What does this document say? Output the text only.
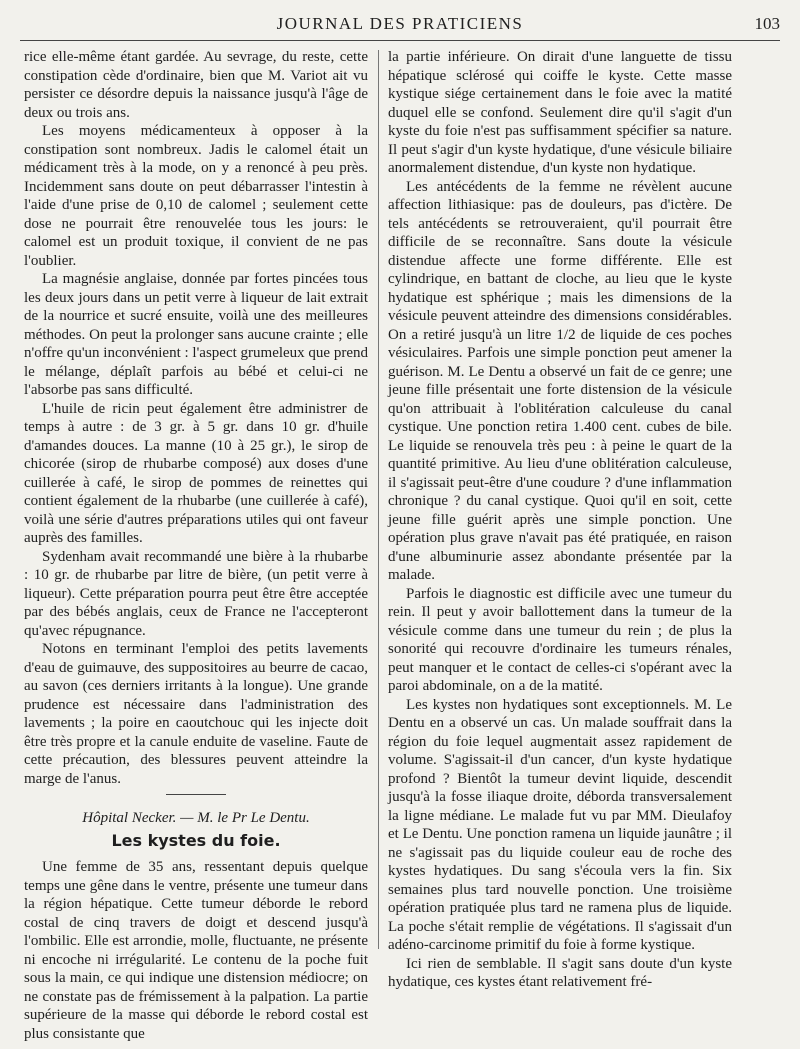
JOURNAL DES PRATICIENS	103

rice elle-même étant gardée. Au sevrage, du reste, cette constipation cède d'ordinaire, bien que M. Variot ait vu persister ce désordre depuis la naissance jusqu'à l'âge de deux ou trois ans.

Les moyens médicamenteux à opposer à la constipation sont nombreux. Jadis le calomel était un médicament très à la mode, on y a renoncé à peu près. Incidemment sans doute on peut débarrasser l'intestin à l'aide d'une prise de 0,10 de calomel ; seulement cette dose ne pourrait être renouvelée tous les jours: le calomel est un produit toxique, il convient de ne pas l'oublier.

La magnésie anglaise, donnée par fortes pincées tous les deux jours dans un petit verre à liqueur de lait extrait de la nourrice et sucré ensuite, voilà une des meilleures méthodes. On peut la prolonger sans aucune crainte ; elle n'offre qu'un inconvénient : l'aspect grumeleux que prend le mélange, déplaît parfois au bébé et celui-ci ne l'absorbe pas sans difficulté.

L'huile de ricin peut également être administrer de temps à autre : de 3 gr. à 5 gr. dans 10 gr. d'huile d'amandes douces. La manne (10 à 25 gr.), le sirop de chicorée (sirop de rhubarbe composé) aux doses d'une cuillerée à café, le sirop de pommes de reinettes qui contient également de la rhubarbe (une cuillerée à café), voilà une série d'autres préparations utiles qui ont faveur auprès des familles.

Sydenham avait recommandé une bière à la rhubarbe : 10 gr. de rhubarbe par litre de bière, (un petit verre à liqueur). Cette préparation pourra peut être être acceptée par des bébés anglais, ceux de France ne l'accepteront qu'avec répugnance.

Notons en terminant l'emploi des petits lavements d'eau de guimauve, des suppositoires au beurre de cacao, au savon (ces derniers irritants à la longue). Une grande prudence est nécessaire dans l'administration des lavements ; la poire en caoutchouc qui les injecte doit être très propre et la canule enduite de vaseline. Faute de cette précaution, des blessures peuvent atteindre la marge de l'anus.

Hôpital Necker. — M. le Pr Le Dentu.

Les kystes du foie.

Une femme de 35 ans, ressentant depuis quelque temps une gêne dans le ventre, présente une tumeur dans la région hépatique. Cette tumeur déborde le rebord costal de cinq travers de doigt et descend jusqu'à l'ombilic. Elle est arrondie, molle, fluctuante, ne présente ni encoche ni irrégularité. Le contenu de la poche fuit sous la main, ce qui indique une distension médiocre; on ne constate pas de frémissement à la palpation. La partie supérieure de la masse qui déborde le rebord costal est plus consistante que

la partie inférieure. On dirait d'une languette de tissu hépatique sclérosé qui coiffe le kyste. Cette masse kystique siége certainement dans le foie avec la matité duquel elle se confond. Seulement dire qu'il s'agit d'un kyste du foie n'est pas suffisamment spécifier sa nature. Il peut s'agir d'un kyste hydatique, d'une vésicule biliaire anormalement distendue, d'un kyste non hydatique.

Les antécédents de la femme ne révèlent aucune affection lithiasique: pas de douleurs, pas d'ictère. De tels antécédents se retrouveraient, qu'il pourrait être difficile de se reconnaître. Sans doute la vésicule distendue affecte une forme différente. Elle est cylindrique, en battant de cloche, au lieu que le kyste hydatique est sphérique ; mais les dimensions de la vésicule peuvent atteindre des dimensions considérables. On a retiré jusqu'à un litre 1/2 de liquide de ces poches vésiculaires. Parfois une simple ponction peut amener la guérison. M. Le Dentu a observé un fait de ce genre; une jeune fille présentait une forte distension de la vésicule qu'on attribuait à l'oblitération calculeuse du canal cystique. Une ponction retira 1.400 cent. cubes de bile. Le liquide se renouvela très peu : à peine le quart de la quantité primitive. Au lieu d'une oblitération calculeuse, il s'agissait peut-être d'une coudure ? d'une inflammation chronique ? du canal cystique. Quoi qu'il en soit, cette jeune fille guérit après une simple ponction. Une opération plus grave n'avait pas été pratiquée, en raison d'une albuminurie assez abondante présentée par la malade.

Parfois le diagnostic est difficile avec une tumeur du rein. Il peut y avoir ballottement dans la tumeur de la vésicule comme dans une tumeur du rein ; de plus la sonorité qui recouvre d'ordinaire les tumeurs rénales, peut manquer et le contact de celles-ci s'opérant avec la paroi abdominale, on a de la matité.

Les kystes non hydatiques sont exceptionnels. M. Le Dentu en a observé un cas. Un malade souffrait dans la région du foie lequel augmentait assez rapidement de volume. S'agissait-il d'un cancer, d'un kyste hydatique profond ? Bientôt la tumeur devint liquide, descendit jusqu'à la fosse iliaque droite, déborda transversalement la ligne médiane. Le malade fut vu par MM. Dieulafoy et Le Dentu. Une ponction ramena un liquide jaunâtre ; il ne s'agissait pas du liquide couleur eau de roche des kystes hydatiques. Du sang s'écoula vers la fin. Six semaines plus tard nouvelle ponction. Une troisième opération pratiquée plus tard ne ramena plus de liquide. La poche s'était remplie de végétations. Il s'agissait d'un adéno-carcinome primitif du foie à forme kystique.

Ici rien de semblable. Il s'agit sans doute d'un kyste hydatique, ces kystes étant relativement fré-
